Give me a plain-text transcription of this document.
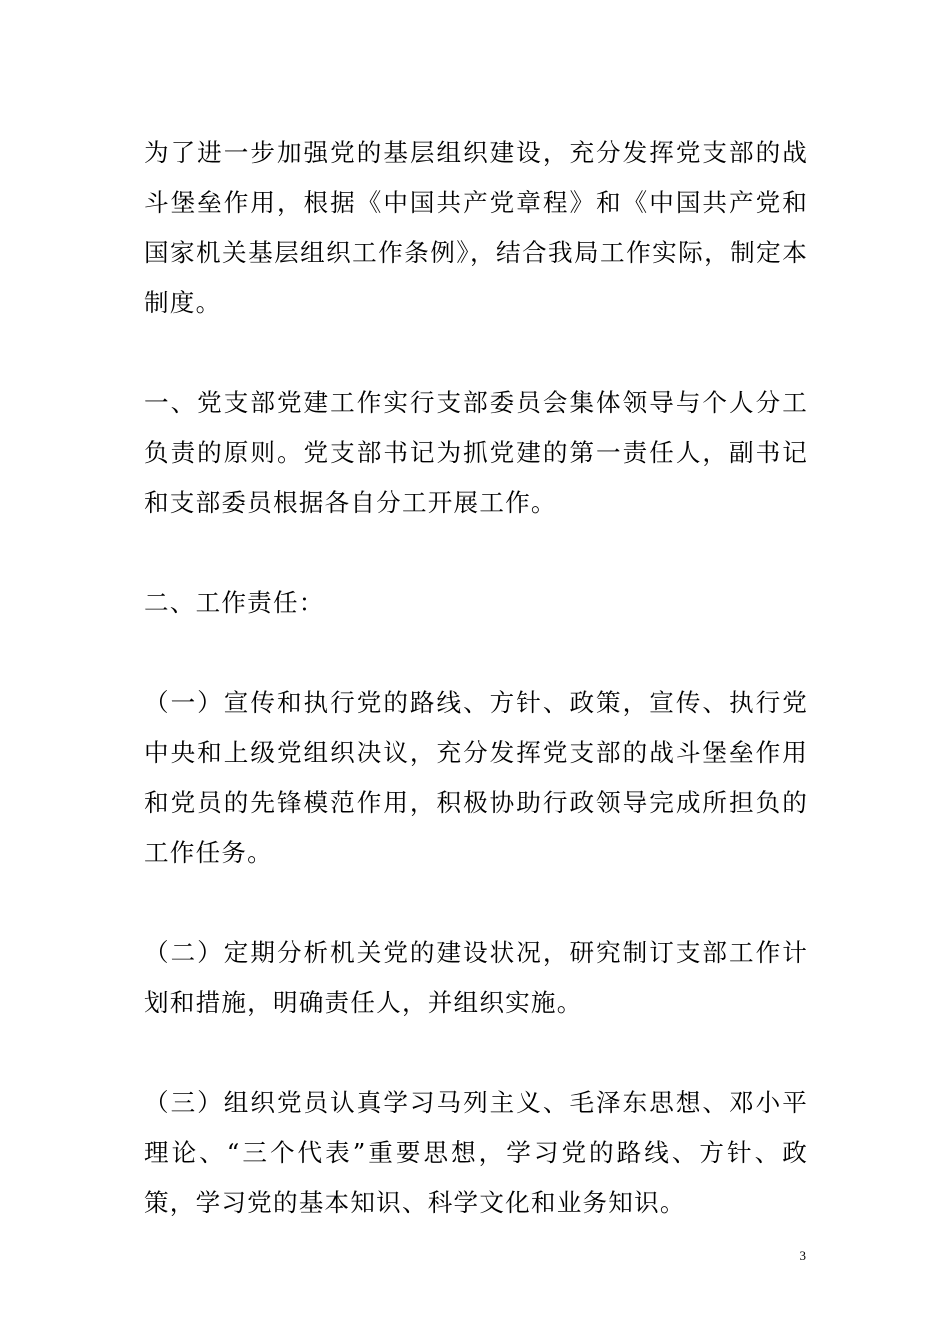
为了进一步加强党的基层组织建设，充分发挥党支部的战斗堡垒作用，根据《中国共产党章程》和《中国共产党和国家机关基层组织工作条例》，结合我局工作实际，制定本制度。

一、党支部党建工作实行支部委员会集体领导与个人分工负责的原则。党支部书记为抓党建的第一责任人，副书记和支部委员根据各自分工开展工作。

二、工作责任：

（一）宣传和执行党的路线、方针、政策，宣传、执行党中央和上级党组织决议，充分发挥党支部的战斗堡垒作用和党员的先锋模范作用，积极协助行政领导完成所担负的工作任务。

（二）定期分析机关党的建设状况，研究制订支部工作计划和措施，明确责任人，并组织实施。

（三）组织党员认真学习马列主义、毛泽东思想、邓小平理论、“三个代表”重要思想，学习党的路线、方针、政策，学习党的基本知识、科学文化和业务知识。

3
